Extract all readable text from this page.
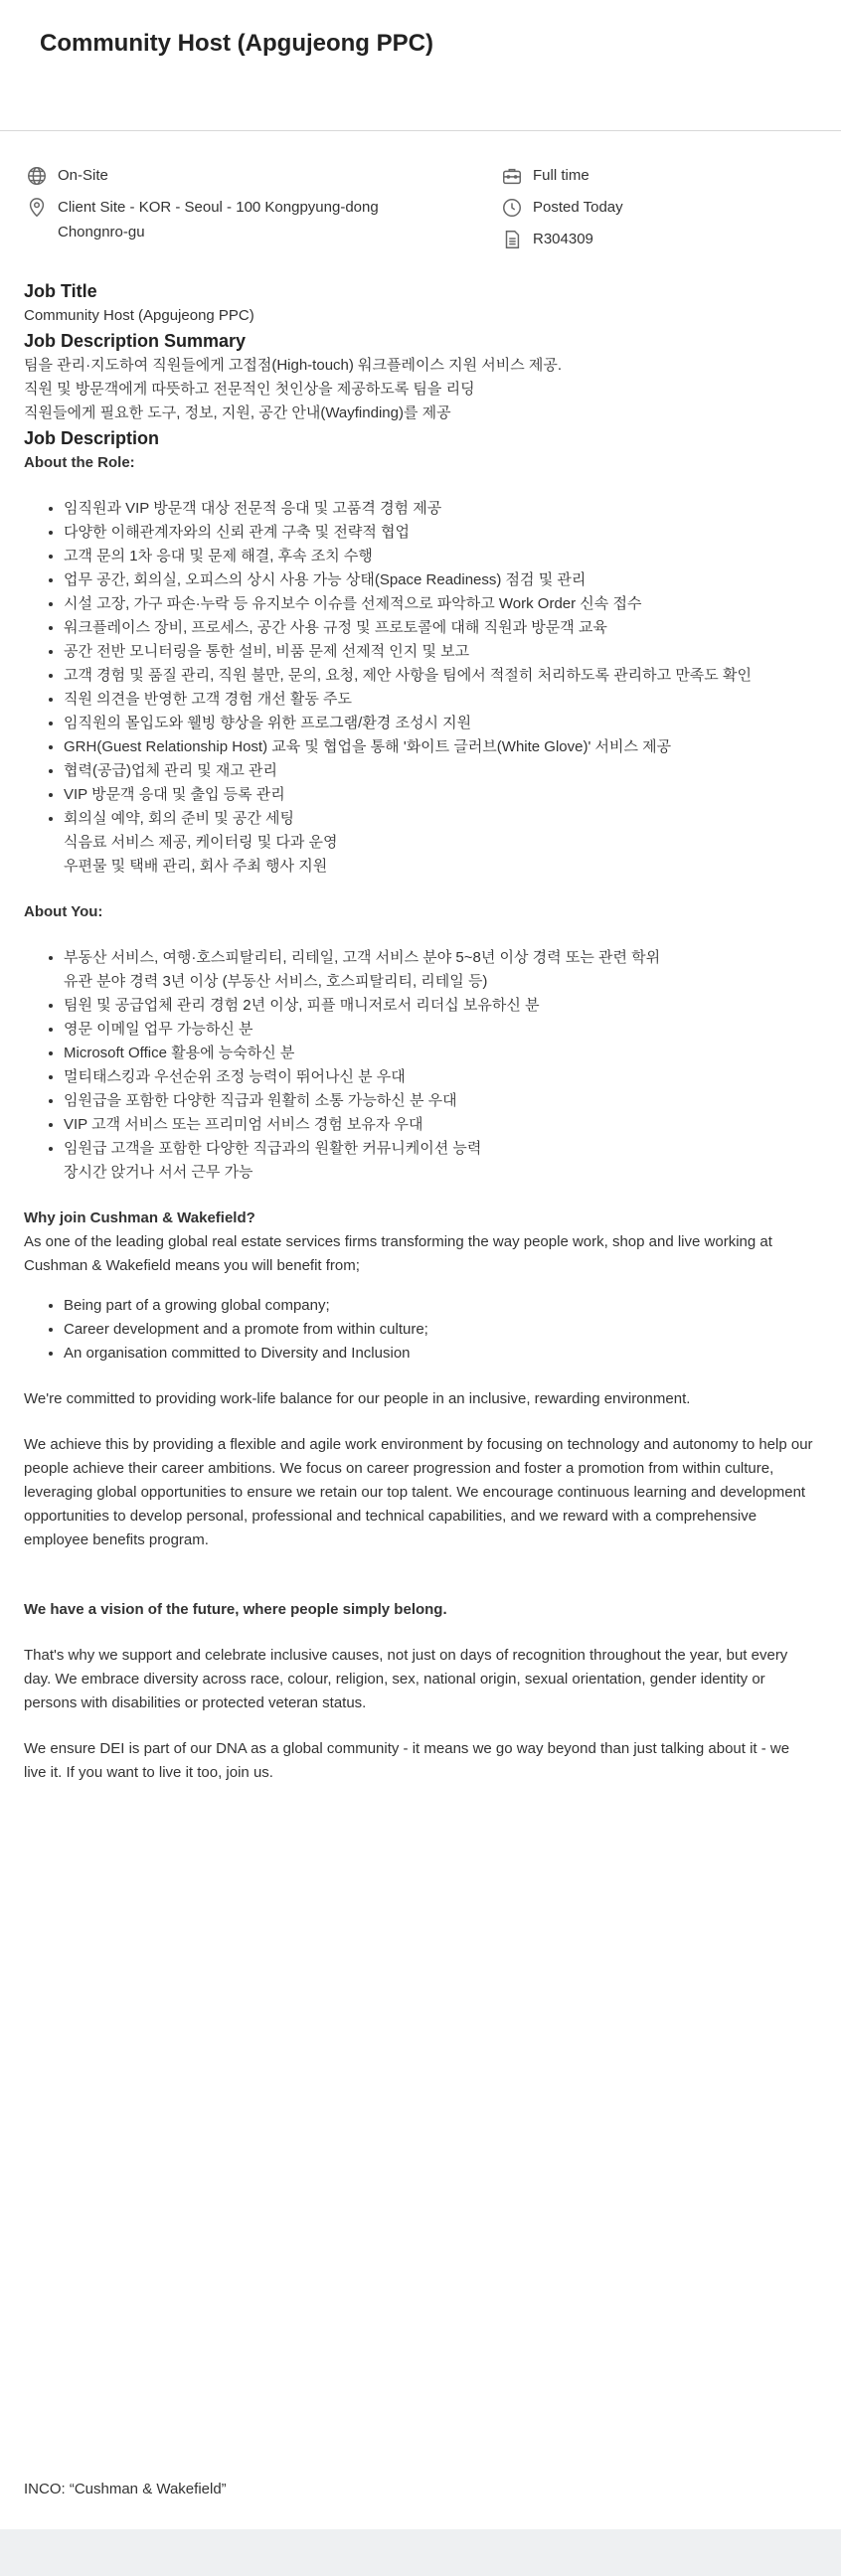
Community Host (Apgujeong PPC)
On-Site
Client Site - KOR - Seoul - 100 Kongpyung-dong
Chongnro-gu
Full time
Posted Today
R304309
Job Title

Community Host (Apgujeong PPC)

Job Description Summary

팀을 관리·지도하여 직원들에게 고접점(High-touch) 워크플레이스 지원 서비스 제공.

직원 및 방문객에게 따뜻하고 전문적인 첫인상을 제공하도록 팀을 리딩

직원들에게 필요한 도구, 정보, 지원, 공간 안내(Wayfinding)를 제공

Job Description

About the Role:

• 임직원과 VIP 방문객 대상 전문적 응대 및 고품격 경험 제공
• 다양한 이해관계자와의 신뢰 관계 구축 및 전략적 협업
• 고객 문의 1차 응대 및 문제 해결, 후속 조치 수행
• 업무 공간, 회의실, 오피스의 상시 사용 가능 상태(Space Readiness) 점검 및 관리
• 시설 고장, 가구 파손·누락 등 유지보수 이슈를 선제적으로 파악하고 Work Order 신속 접수
• 워크플레이스 장비, 프로세스, 공간 사용 규정 및 프로토콜에 대해 직원과 방문객 교육
• 공간 전반 모니터링을 통한 설비, 비품 문제 선제적 인지 및 보고
• 고객 경험 및 품질 관리, 직원 불만, 문의, 요청, 제안 사항을 팀에서 적절히 처리하도록 관리하고 만족도 확인
• 직원 의견을 반영한 고객 경험 개선 활동 주도
• 임직원의 몰입도와 웰빙 향상을 위한 프로그램/환경 조성시 지원
• GRH(Guest Relationship Host) 교육 및 협업을 통해 '화이트 글러브(White Glove)' 서비스 제공
• 협력(공급)업체 관리 및 재고 관리
• VIP 방문객 응대 및 출입 등록 관리
• 회의실 예약, 회의 준비 및 공간 세팅
식음료 서비스 제공, 케이터링 및 다과 운영
우편물 및 택배 관리, 회사 주최 행사 지원

About You:

• 부동산 서비스, 여행·호스피탈리티, 리테일, 고객 서비스 분야 5~8년 이상 경력 또는 관련 학위
유관 분야 경력 3년 이상 (부동산 서비스, 호스피탈리티, 리테일 등)
• 팀원 및 공급업체 관리 경험 2년 이상, 피플 매니저로서 리더십 보유하신 분
• 영문 이메일 업무 가능하신 분
• Microsoft Office 활용에 능숙하신 분
• 멀티태스킹과 우선순위 조정 능력이 뛰어나신 분 우대
• 임원급을 포함한 다양한 직급과 원활히 소통 가능하신 분 우대
• VIP 고객 서비스 또는 프리미엄 서비스 경험 보유자 우대
• 임원급 고객을 포함한 다양한 직급과의 원활한 커뮤니케이션 능력
장시간 앉거나 서서 근무 가능

Why join Cushman & Wakefield?

As one of the leading global real estate services firms transforming the way people work, shop and live working at Cushman & Wakefield means you will benefit from;

• Being part of a growing global company;
• Career development and a promote from within culture;
• An organisation committed to Diversity and Inclusion

We're committed to providing work-life balance for our people in an inclusive, rewarding environment.

We achieve this by providing a flexible and agile work environment by focusing on technology and autonomy to help our people achieve their career ambitions. We focus on career progression and foster a promotion from within culture, leveraging global opportunities to ensure we retain our top talent. We encourage continuous learning and development opportunities to develop personal, professional and technical capabilities, and we reward with a comprehensive employee benefits program.

We have a vision of the future, where people simply belong.

That's why we support and celebrate inclusive causes, not just on days of recognition throughout the year, but every day. We embrace diversity across race, colour, religion, sex, national origin, sexual orientation, gender identity or persons with disabilities or protected veteran status.

We ensure DEI is part of our DNA as a global community - it means we go way beyond than just talking about it - we live it. If you want to live it too, join us.

INCO: “Cushman & Wakefield”
